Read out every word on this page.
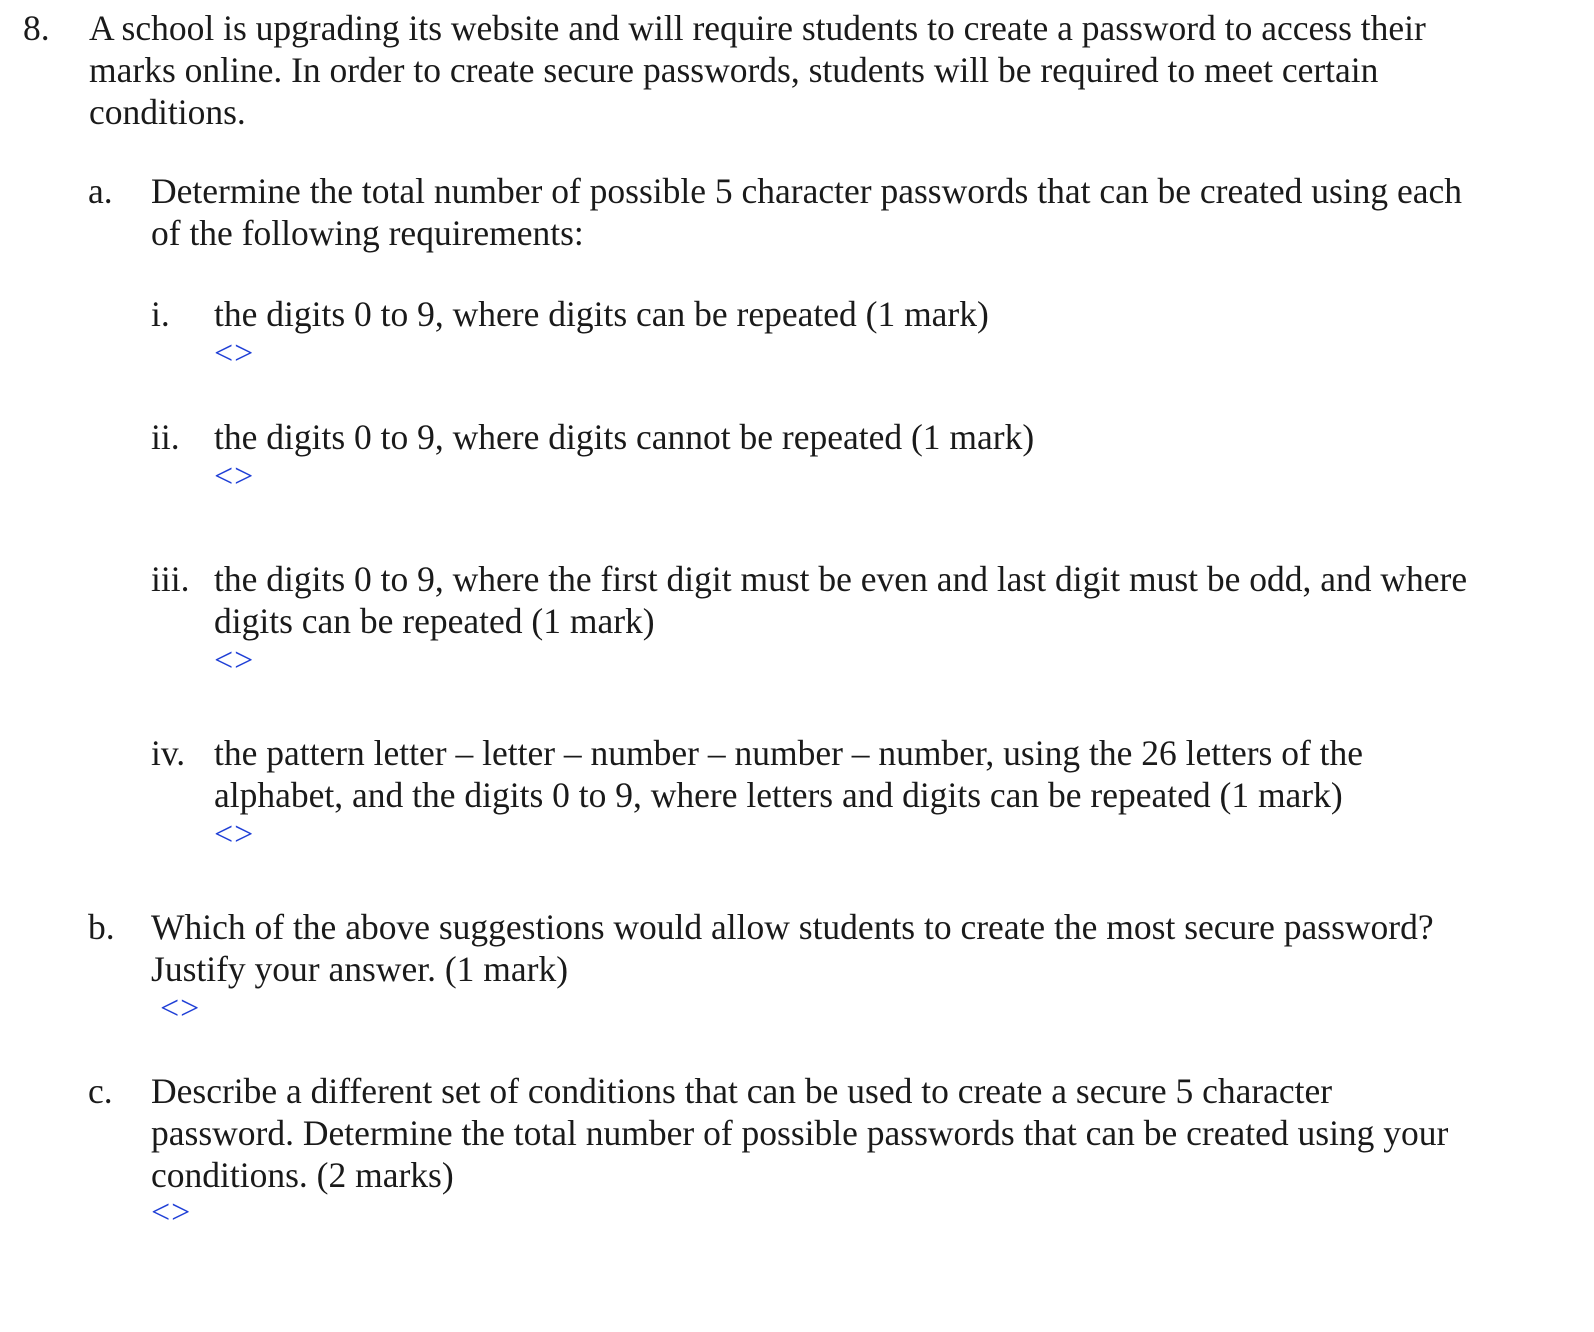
8. A school is upgrading its website and will require students to create a password to access their
marks online. In order to create secure passwords, students will be required to meet certain
conditions.
a. Determine the total number of possible 5 character passwords that can be created using each
of the following requirements:
i. the digits 0 to 9, where digits can be repeated (1 mark)
<>
ii. the digits 0 to 9, where digits cannot be repeated (1 mark)
<>
iii. the digits 0 to 9, where the first digit must be even and last digit must be odd, and where
digits can be repeated (1 mark)
<>
iv. the pattern letter – letter – number – number – number, using the 26 letters of the
alphabet, and the digits 0 to 9, where letters and digits can be repeated (1 mark)
<>
b. Which of the above suggestions would allow students to create the most secure password?
Justify your answer. (1 mark)
<>
c. Describe a different set of conditions that can be used to create a secure 5 character
password. Determine the total number of possible passwords that can be created using your
conditions. (2 marks)
<>
